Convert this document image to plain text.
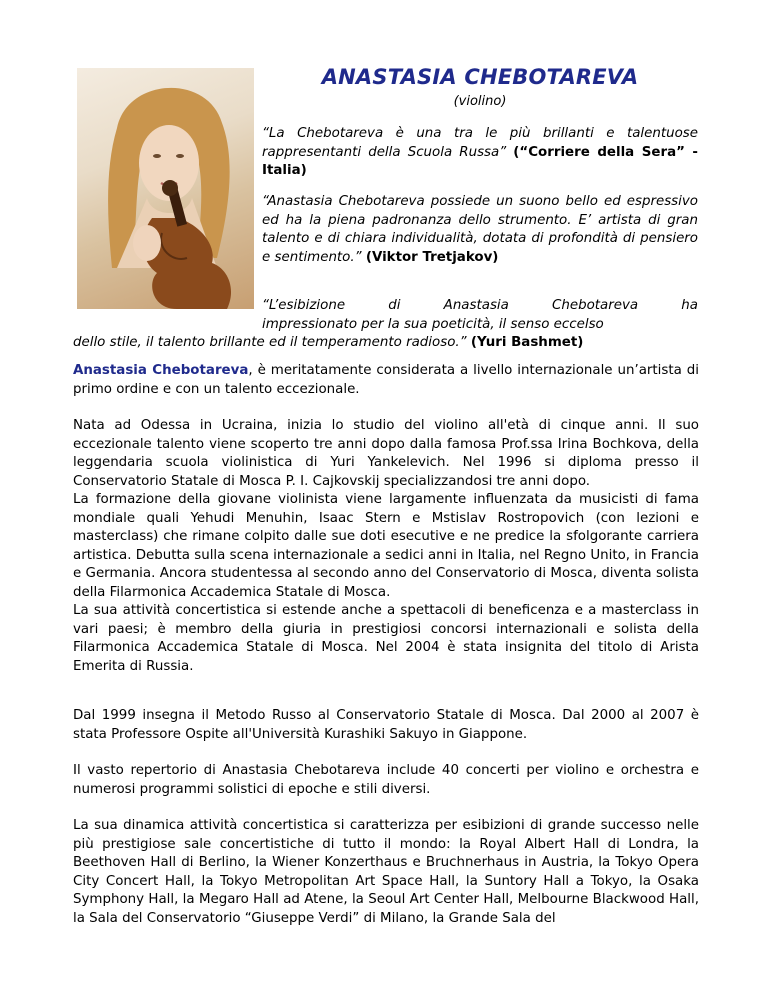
ANASTASIA CHEBOTAREVA
(violino)
“La Chebotareva è una tra le più brillanti e talentuose rappresentanti della Scuola Russa” (“Corriere della Sera” - Italia)
“Anastasia Chebotareva possiede un suono bello ed espressivo ed ha la piena padronanza dello strumento. E’ artista di gran talento e di chiara individualità, dotata di profondità di pensiero e sentimento.” (Viktor Tretjakov)
“L’esibizione di Anastasia Chebotareva ha
impressionato per la sua poeticità, il senso eccelso
dello stile, il talento brillante ed il temperamento radioso.” (Yuri Bashmet)
Anastasia Chebotareva, è meritatamente considerata a livello internazionale un’artista di primo ordine e con un talento eccezionale.
Nata ad Odessa in Ucraina, inizia lo studio del violino all'età di cinque anni. Il suo eccezionale talento viene scoperto tre anni dopo dalla famosa Prof.ssa Irina Bochkova, della leggendaria scuola violinistica di Yuri Yankelevich. Nel 1996 si diploma presso il Conservatorio Statale di Mosca P. I. Cajkovskij specializzandosi tre anni dopo.
La formazione della giovane violinista viene largamente influenzata da musicisti di fama mondiale quali Yehudi Menuhin, Isaac Stern e Mstislav Rostropovich (con lezioni e masterclass) che rimane colpito dalle sue doti esecutive e ne predice la sfolgorante carriera artistica. Debutta sulla scena internazionale a sedici anni in Italia, nel Regno Unito, in Francia e Germania. Ancora studentessa al secondo anno del Conservatorio di Mosca, diventa solista della Filarmonica Accademica Statale di Mosca.
La sua attività concertistica si estende anche a spettacoli di beneficenza e a masterclass in vari paesi; è membro della giuria in prestigiosi concorsi internazionali e solista della Filarmonica Accademica Statale di Mosca. Nel 2004 è stata insignita del titolo di Arista Emerita di Russia.
Dal 1999 insegna il Metodo Russo al Conservatorio Statale di Mosca. Dal 2000 al 2007 è stata Professore Ospite all'Università Kurashiki Sakuyo in Giappone.
Il vasto repertorio di Anastasia Chebotareva include 40 concerti per violino e orchestra e numerosi programmi solistici di epoche e stili diversi.
La sua dinamica attività concertistica si caratterizza per esibizioni di grande successo nelle più prestigiose sale concertistiche di tutto il mondo: la Royal Albert Hall di Londra, la Beethoven Hall di Berlino, la Wiener Konzerthaus e Bruchnerhaus in Austria, la Tokyo Opera City Concert Hall, la Tokyo Metropolitan Art Space Hall, la Suntory Hall a Tokyo, la Osaka Symphony Hall, la Megaro Hall ad Atene, la Seoul Art Center Hall, Melbourne Blackwood Hall, la Sala del Conservatorio “Giuseppe Verdi” di Milano, la Grande Sala del
